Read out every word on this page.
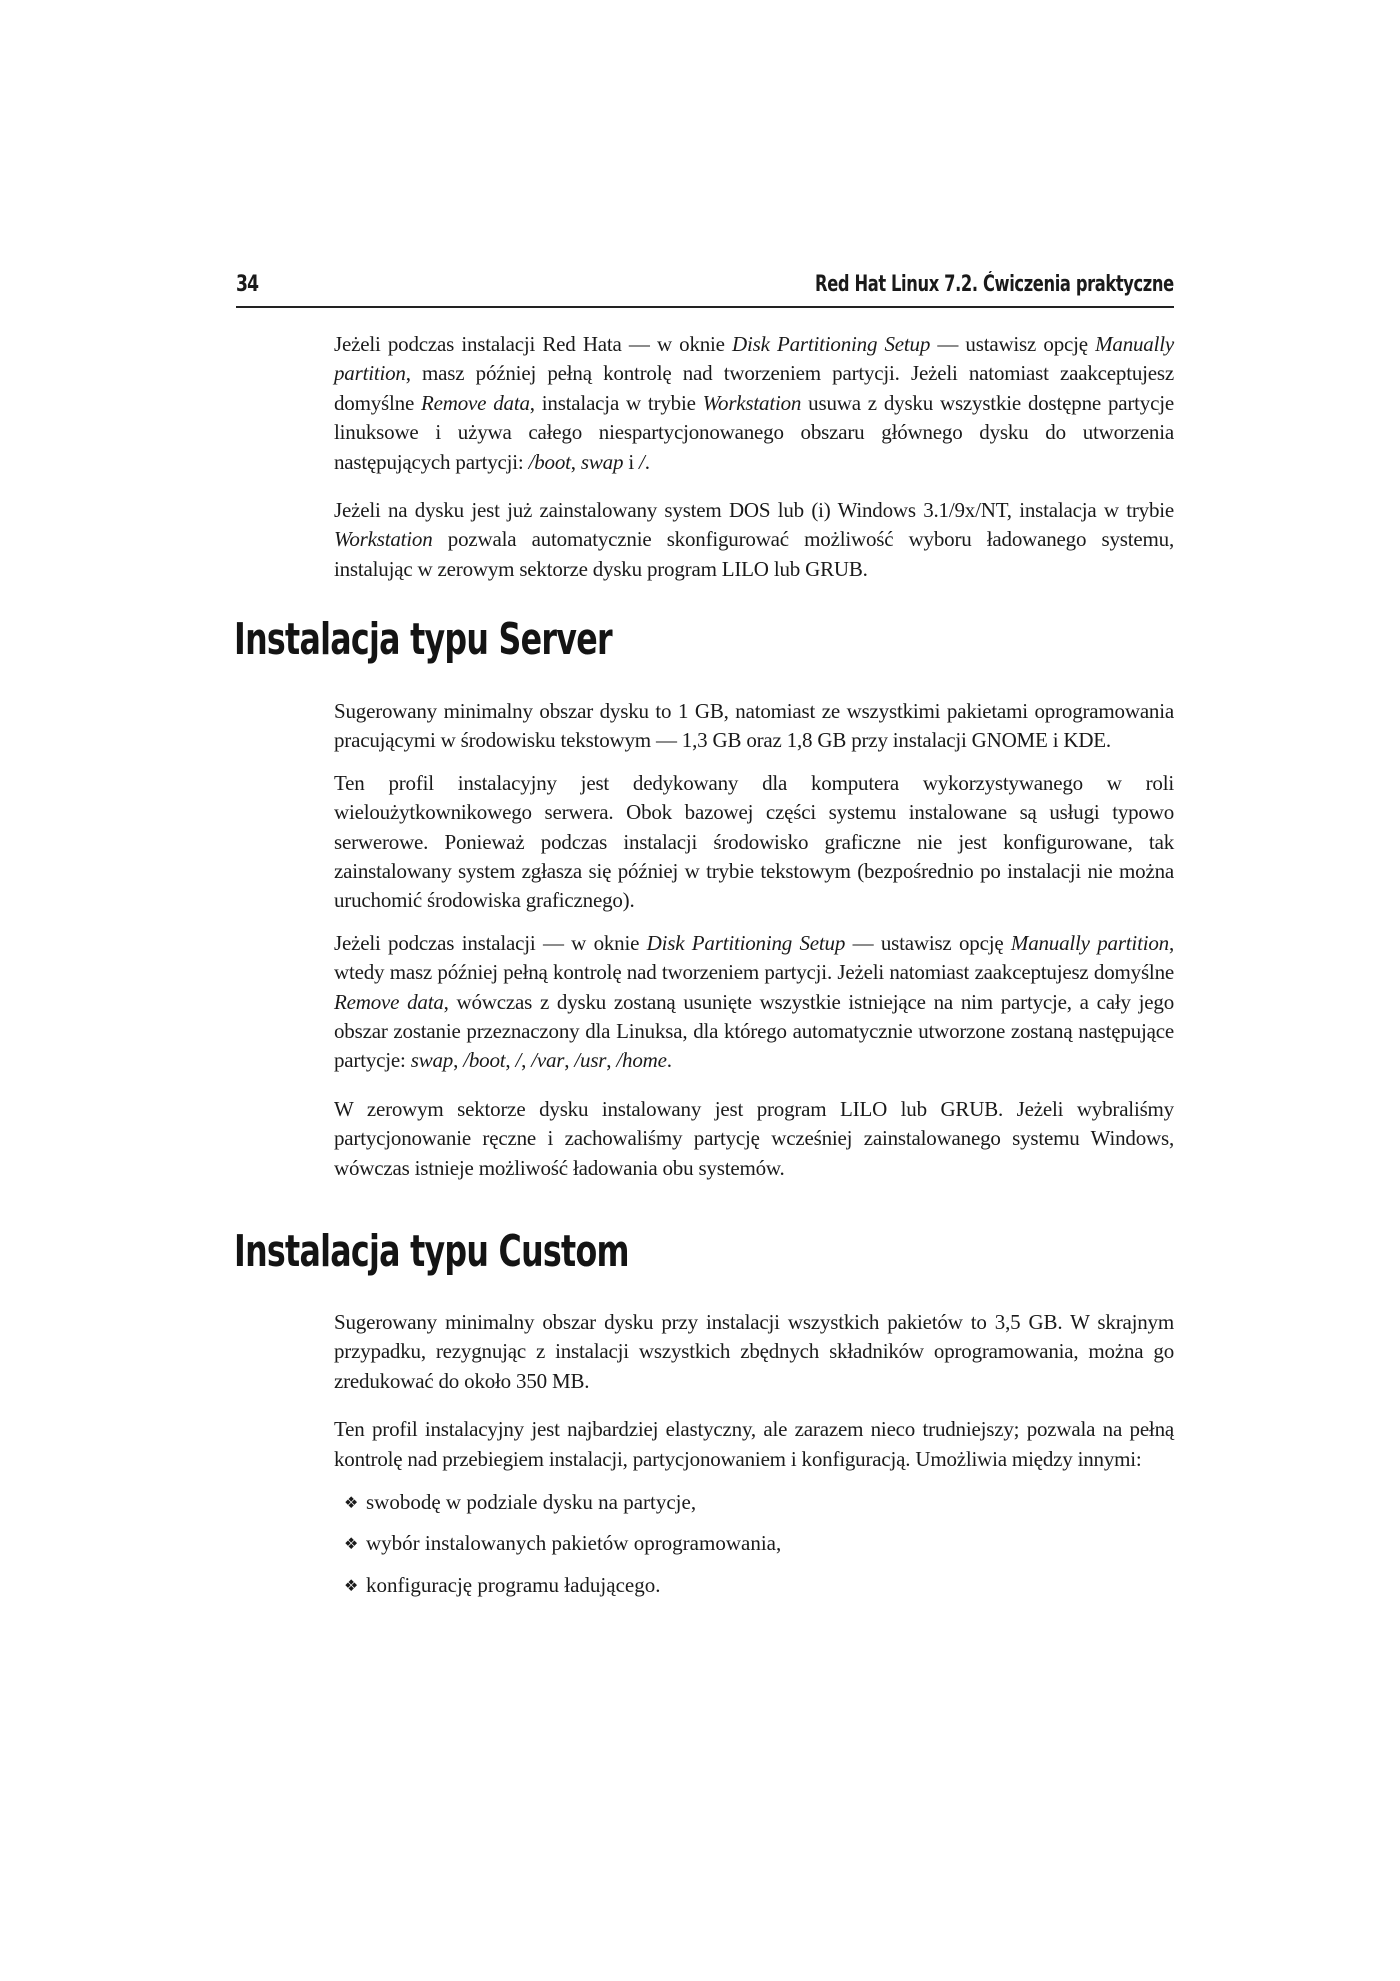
34	Red Hat Linux 7.2. Ćwiczenia praktyczne

Jeżeli podczas instalacji Red Hata — w oknie Disk Partitioning Setup — ustawisz opcję Manually partition, masz później pełną kontrolę nad tworzeniem partycji. Jeżeli natomiast zaakceptujesz domyślne Remove data, instalacja w trybie Workstation usuwa z dysku wszystkie dostępne partycje linuksowe i używa całego niespartycjonowanego obszaru głównego dysku do utworzenia następujących partycji: /boot, swap i /.

Jeżeli na dysku jest już zainstalowany system DOS lub (i) Windows 3.1/9x/NT, instalacja w trybie Workstation pozwala automatycznie skonfigurować możliwość wyboru ładowanego systemu, instalując w zerowym sektorze dysku program LILO lub GRUB.

Instalacja typu Server

Sugerowany minimalny obszar dysku to 1 GB, natomiast ze wszystkimi pakietami oprogramowania pracującymi w środowisku tekstowym — 1,3 GB oraz 1,8 GB przy instalacji GNOME i KDE.

Ten profil instalacyjny jest dedykowany dla komputera wykorzystywanego w roli wieloużytkownikowego serwera. Obok bazowej części systemu instalowane są usługi typowo serwerowe. Ponieważ podczas instalacji środowisko graficzne nie jest konfigurowane, tak zainstalowany system zgłasza się później w trybie tekstowym (bezpośrednio po instalacji nie można uruchomić środowiska graficznego).

Jeżeli podczas instalacji — w oknie Disk Partitioning Setup — ustawisz opcję Manually partition, wtedy masz później pełną kontrolę nad tworzeniem partycji. Jeżeli natomiast zaakceptujesz domyślne Remove data, wówczas z dysku zostaną usunięte wszystkie istniejące na nim partycje, a cały jego obszar zostanie przeznaczony dla Linuksa, dla którego automatycznie utworzone zostaną następujące partycje: swap, /boot, /, /var, /usr, /home.

W zerowym sektorze dysku instalowany jest program LILO lub GRUB. Jeżeli wybraliśmy partycjonowanie ręczne i zachowaliśmy partycję wcześniej zainstalowanego systemu Windows, wówczas istnieje możliwość ładowania obu systemów.

Instalacja typu Custom

Sugerowany minimalny obszar dysku przy instalacji wszystkich pakietów to 3,5 GB. W skrajnym przypadku, rezygnując z instalacji wszystkich zbędnych składników oprogramowania, można go zredukować do około 350 MB.

Ten profil instalacyjny jest najbardziej elastyczny, ale zarazem nieco trudniejszy; pozwala na pełną kontrolę nad przebiegiem instalacji, partycjonowaniem i konfiguracją. Umożliwia między innymi:

❖ swobodę w podziale dysku na partycje,
❖ wybór instalowanych pakietów oprogramowania,
❖ konfigurację programu ładującego.
